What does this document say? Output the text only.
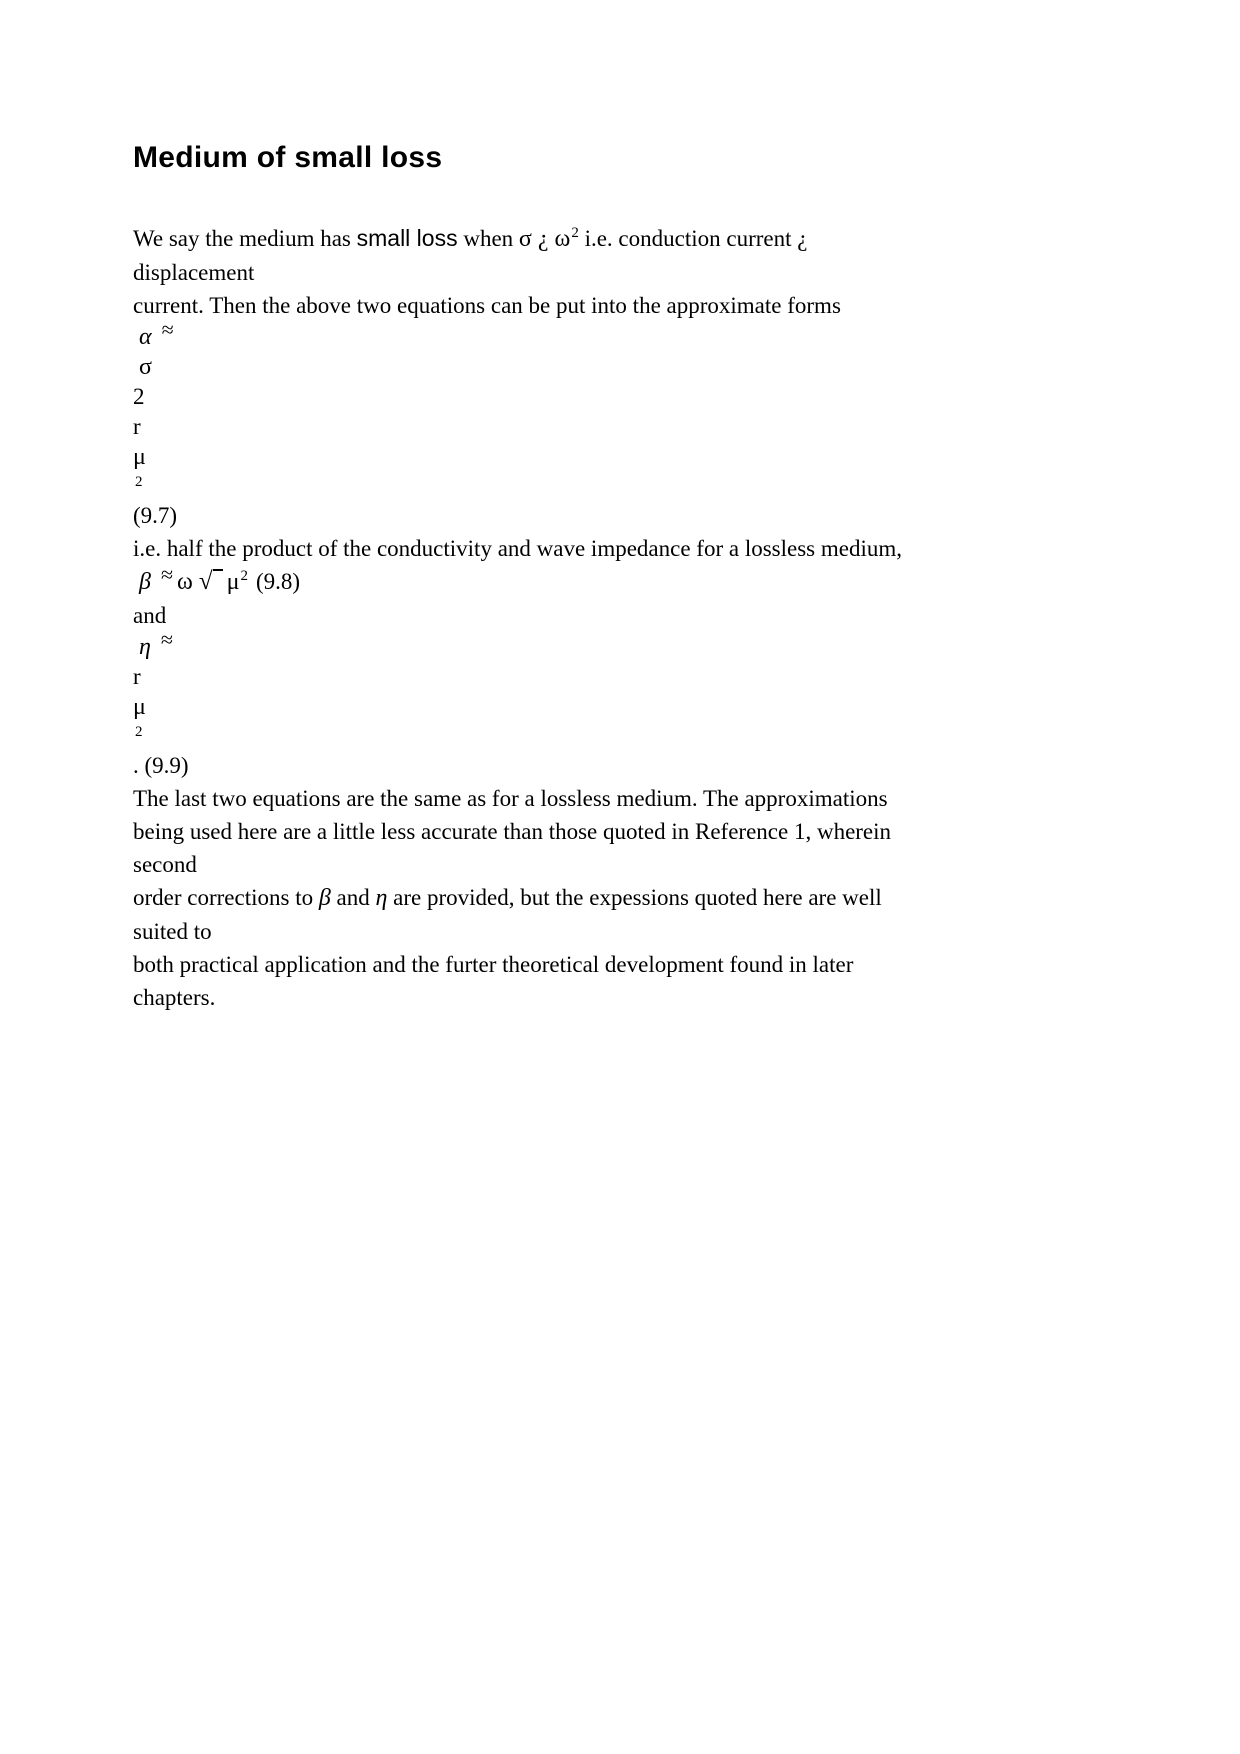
Medium of small loss
We say the medium has small loss when σ ¿ $\omega^2$ i.e. conduction current ¿
displacement
current. Then the above two equations can be put into the approximate forms
α ≈
σ
2
r
μ
2
(9.7)
i.e. half the product of the conductivity and wave impedance for a lossless medium,
β ≈ ω √ $\mu^2$ (9.8)
and
η ≈
r
μ
2
. (9.9)
The last two equations are the same as for a lossless medium. The approximations
being used here are a little less accurate than those quoted in Reference 1, wherein
second
order corrections to β and η are provided, but the expessions quoted here are well
suited to
both practical application and the furter theoretical development found in later
chapters.
